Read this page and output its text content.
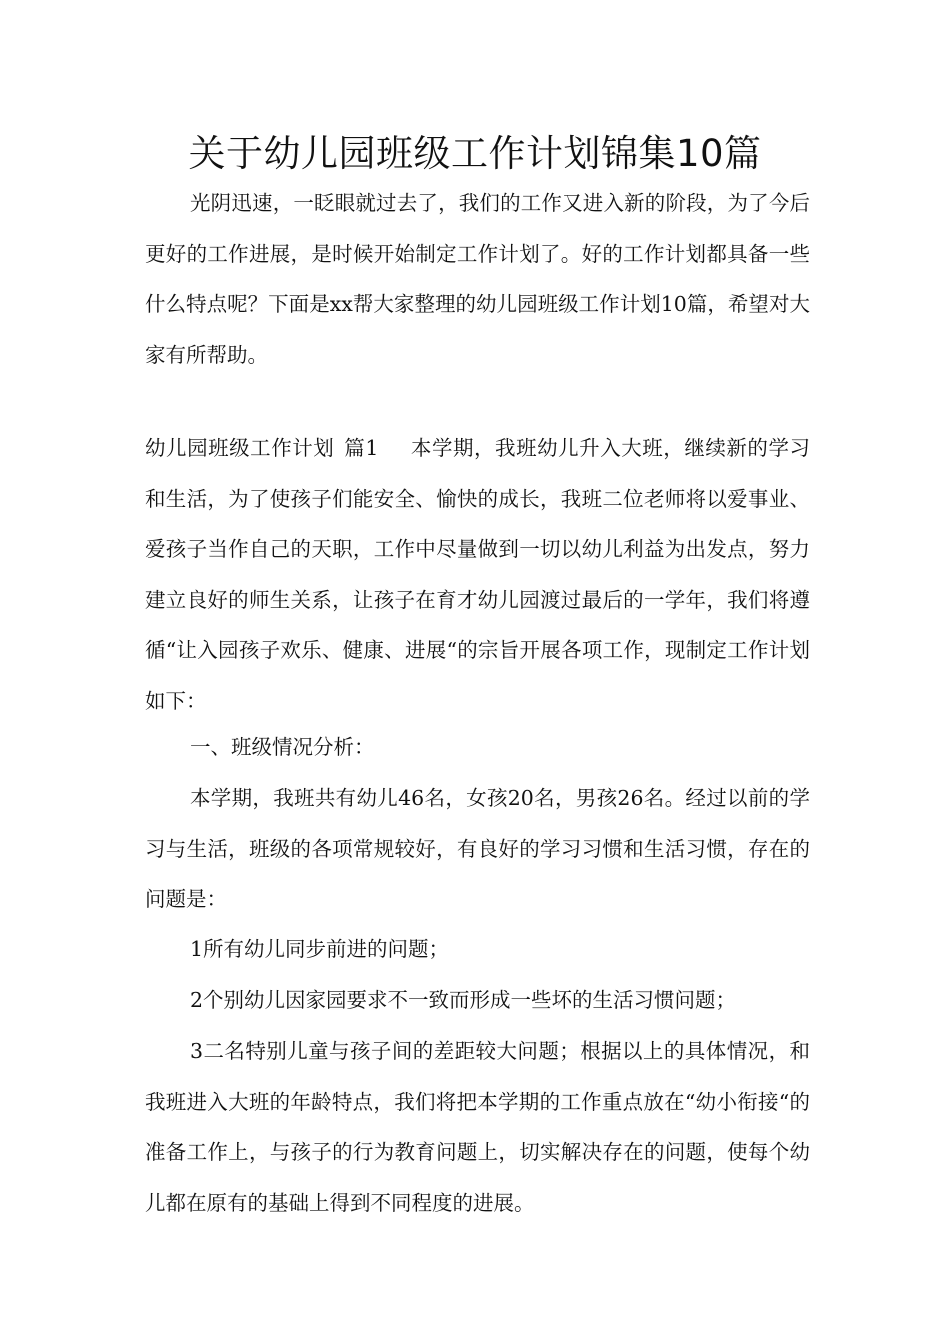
关于幼儿园班级工作计划锦集10篇

光阴迅速，一眨眼就过去了，我们的工作又进入新的阶段，为了今后更好的工作进展，是时候开始制定工作计划了。好的工作计划都具备一些什么特点呢？下面是xx帮大家整理的幼儿园班级工作计划10篇，希望对大家有所帮助。

幼儿园班级工作计划 篇1 本学期，我班幼儿升入大班，继续新的学习和生活，为了使孩子们能安全、愉快的成长，我班二位老师将以爱事业、爱孩子当作自己的天职，工作中尽量做到一切以幼儿利益为出发点，努力建立良好的师生关系，让孩子在育才幼儿园渡过最后的一学年，我们将遵循“让入园孩子欢乐、健康、进展“的宗旨开展各项工作，现制定工作计划如下：

一、班级情况分析：

本学期，我班共有幼儿46名，女孩20名，男孩26名。经过以前的学习与生活，班级的各项常规较好，有良好的学习习惯和生活习惯，存在的问题是：

1所有幼儿同步前进的问题；

2个别幼儿因家园要求不一致而形成一些坏的生活习惯问题；

3二名特别儿童与孩子间的差距较大问题；根据以上的具体情况，和我班进入大班的年龄特点，我们将把本学期的工作重点放在“幼小衔接“的准备工作上，与孩子的行为教育问题上，切实解决存在的问题，使每个幼儿都在原有的基础上得到不同程度的进展。
